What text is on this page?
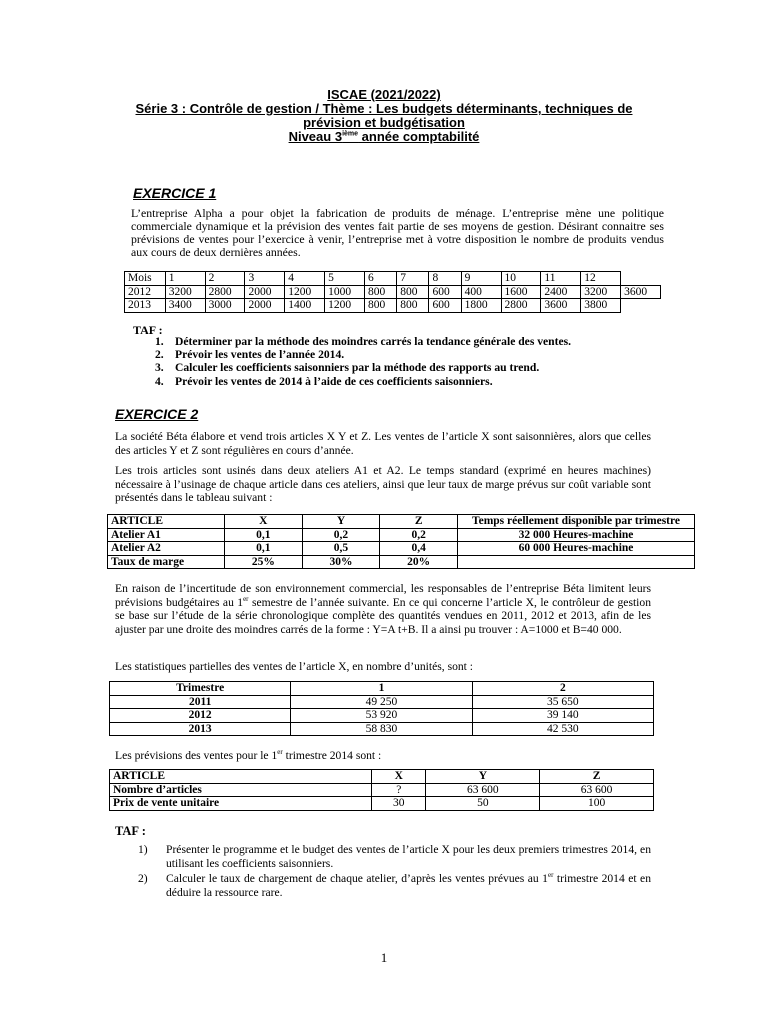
ISCAE (2021/2022)
Série 3 : Contrôle de gestion / Thème : Les budgets déterminants, techniques de
prévision et budgétisation
Niveau 3ième année comptabilité
EXERCICE 1
L’entreprise Alpha a pour objet la fabrication de produits de ménage. L’entreprise mène une politique commerciale dynamique et la prévision des ventes fait partie de ses moyens de gestion. Désirant connaitre ses prévisions de ventes pour l’exercice à venir, l’entreprise met à votre disposition le nombre de produits vendus aux cours de deux dernières années.
Mois	1	2	3	4	5	6	7	8	9	10	11	12	
2012	3200	2800	2000	1200	1000	800	800	600	400	1600	2400	3200	3600
2013	3400	3000	2000	1400	1200	800	800	600	1800	2800	3600	3800	
TAF :
1. Déterminer par la méthode des moindres carrés la tendance générale des ventes.
2. Prévoir les ventes de l’année 2014.
3. Calculer les coefficients saisonniers par la méthode des rapports au trend.
4. Prévoir les ventes de 2014 à l’aide de ces coefficients saisonniers.
EXERCICE 2
La société Béta élabore et vend trois articles X Y et Z. Les ventes de l’article X sont saisonnières, alors que celles des articles Y et Z sont régulières en cours d’année.
Les trois articles sont usinés dans deux ateliers A1 et A2. Le temps standard (exprimé en heures machines) nécessaire à l’usinage de chaque article dans ces ateliers, ainsi que leur taux de marge prévus sur coût variable sont présentés dans le tableau suivant :
ARTICLE	X	Y	Z	Temps réellement disponible par trimestre
Atelier A1	0,1	0,2	0,2	32 000 Heures-machine
Atelier A2	0,1	0,5	0,4	60 000 Heures-machine
Taux de marge	25%	30%	20%	
En raison de l’incertitude de son environnement commercial, les responsables de l’entreprise Béta limitent leurs prévisions budgétaires au 1er semestre de l’année suivante. En ce qui concerne l’article X, le contrôleur de gestion se base sur l’étude de la série chronologique complète des quantités vendues en 2011, 2012 et 2013, afin de les ajuster par une droite des moindres carrés de la forme : Y=A t+B. Il a ainsi pu trouver : A=1000 et B=40 000.
Les statistiques partielles des ventes de l’article X, en nombre d’unités, sont :
Trimestre	1	2
2011	49 250	35 650
2012	53 920	39 140
2013	58 830	42 530
Les prévisions des ventes pour le 1er trimestre 2014 sont :
ARTICLE	X	Y	Z
Nombre d’articles	?	63 600	63 600
Prix de vente unitaire	30	50	100
TAF :
1)	Présenter le programme et le budget des ventes de l’article X pour les deux premiers trimestres 2014, en utilisant les coefficients saisonniers.
2)	Calculer le taux de chargement de chaque atelier, d’après les ventes prévues au 1er trimestre 2014 et en déduire la ressource rare.
1
